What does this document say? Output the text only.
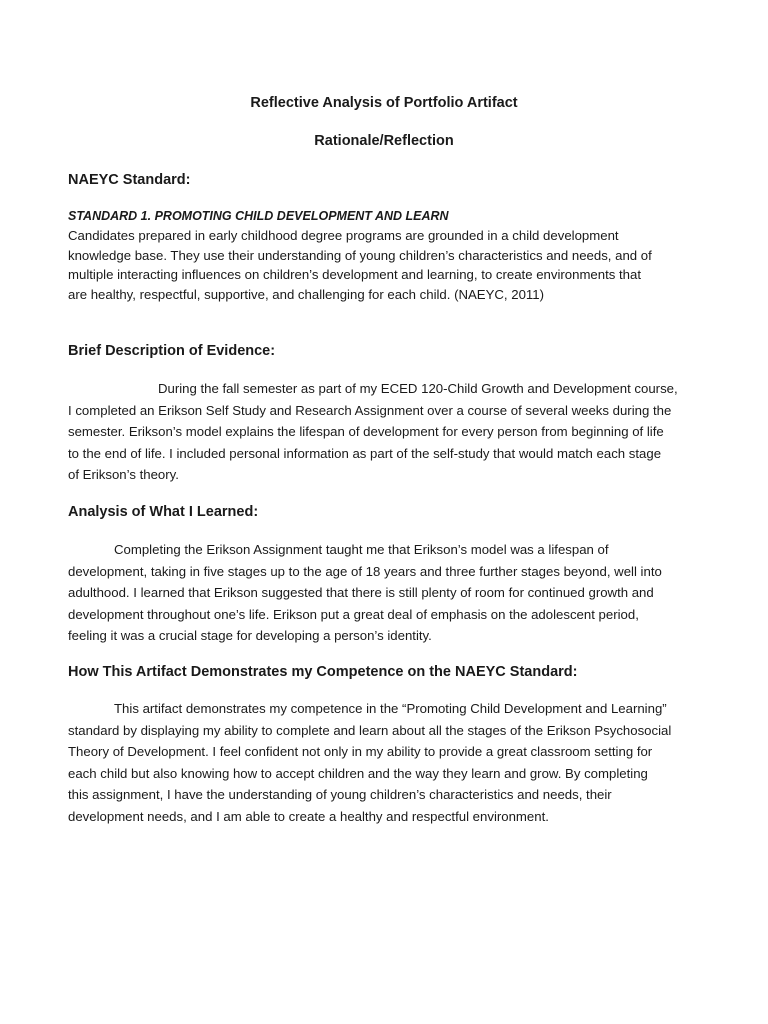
Reflective Analysis of Portfolio Artifact
Rationale/Reflection
NAEYC Standard:

STANDARD 1. PROMOTING CHILD DEVELOPMENT AND LEARN

Candidates prepared in early childhood degree programs are grounded in a child development
knowledge base. They use their understanding of young children’s characteristics and needs, and of
multiple interacting influences on children’s development and learning, to create environments that
are healthy, respectful, supportive, and challenging for each child. (NAEYC, 2011)

Brief Description of Evidence:

During the fall semester as part of my ECED 120-Child Growth and Development course,
I completed an Erikson Self Study and Research Assignment over a course of several weeks during the
semester. Erikson’s model explains the lifespan of development for every person from beginning of life
to the end of life. I included personal information as part of the self-study that would match each stage
of Erikson’s theory.

Analysis of What I Learned:

Completing the Erikson Assignment taught me that Erikson’s model was a lifespan of
development, taking in five stages up to the age of 18 years and three further stages beyond, well into
adulthood. I learned that Erikson suggested that there is still plenty of room for continued growth and
development throughout one’s life. Erikson put a great deal of emphasis on the adolescent period,
feeling it was a crucial stage for developing a person’s identity.

How This Artifact Demonstrates my Competence on the NAEYC Standard:

This artifact demonstrates my competence in the “Promoting Child Development and Learning”
standard by displaying my ability to complete and learn about all the stages of the Erikson Psychosocial
Theory of Development. I feel confident not only in my ability to provide a great classroom setting for
each child but also knowing how to accept children and the way they learn and grow. By completing
this assignment, I have the understanding of young children’s characteristics and needs, their
development needs, and I am able to create a healthy and respectful environment.
